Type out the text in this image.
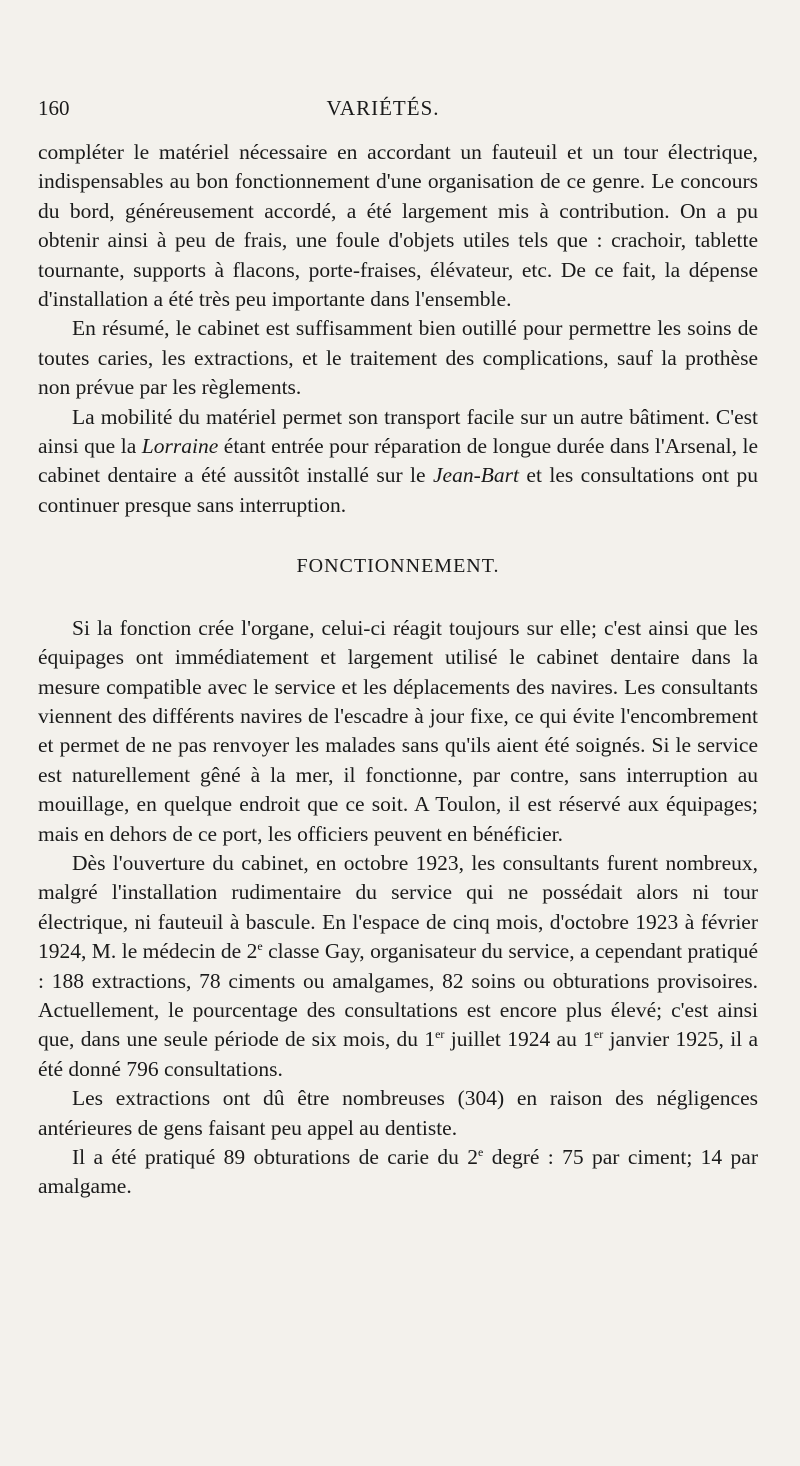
160	VARIÉTÉS.

compléter le matériel nécessaire en accordant un fauteuil et un tour électrique, indispensables au bon fonctionnement d'une organisation de ce genre. Le concours du bord, généreusement accordé, a été largement mis à contribution. On a pu obtenir ainsi à peu de frais, une foule d'objets utiles tels que : crachoir, tablette tournante, supports à flacons, porte-fraises, élévateur, etc. De ce fait, la dépense d'installation a été très peu importante dans l'ensemble.

En résumé, le cabinet est suffisamment bien outillé pour permettre les soins de toutes caries, les extractions, et le traitement des complications, sauf la prothèse non prévue par les règlements.

La mobilité du matériel permet son transport facile sur un autre bâtiment. C'est ainsi que la Lorraine étant entrée pour réparation de longue durée dans l'Arsenal, le cabinet dentaire a été aussitôt installé sur le Jean-Bart et les consultations ont pu continuer presque sans interruption.

FONCTIONNEMENT.

Si la fonction crée l'organe, celui-ci réagit toujours sur elle; c'est ainsi que les équipages ont immédiatement et largement utilisé le cabinet dentaire dans la mesure compatible avec le service et les déplacements des navires. Les consultants viennent des différents navires de l'escadre à jour fixe, ce qui évite l'encombrement et permet de ne pas renvoyer les malades sans qu'ils aient été soignés. Si le service est naturellement gêné à la mer, il fonctionne, par contre, sans interruption au mouillage, en quelque endroit que ce soit. A Toulon, il est réservé aux équipages; mais en dehors de ce port, les officiers peuvent en bénéficier.

Dès l'ouverture du cabinet, en octobre 1923, les consultants furent nombreux, malgré l'installation rudimentaire du service qui ne possédait alors ni tour électrique, ni fauteuil à bascule. En l'espace de cinq mois, d'octobre 1923 à février 1924, M. le médecin de 2e classe Gay, organisateur du service, a cependant pratiqué : 188 extractions, 78 ciments ou amalgames, 82 soins ou obturations provisoires. Actuellement, le pourcentage des consultations est encore plus élevé; c'est ainsi que, dans une seule période de six mois, du 1er juillet 1924 au 1er janvier 1925, il a été donné 796 consultations.

Les extractions ont dû être nombreuses (304) en raison des négligences antérieures de gens faisant peu appel au dentiste.

Il a été pratiqué 89 obturations de carie du 2e degré : 75 par ciment; 14 par amalgame.
